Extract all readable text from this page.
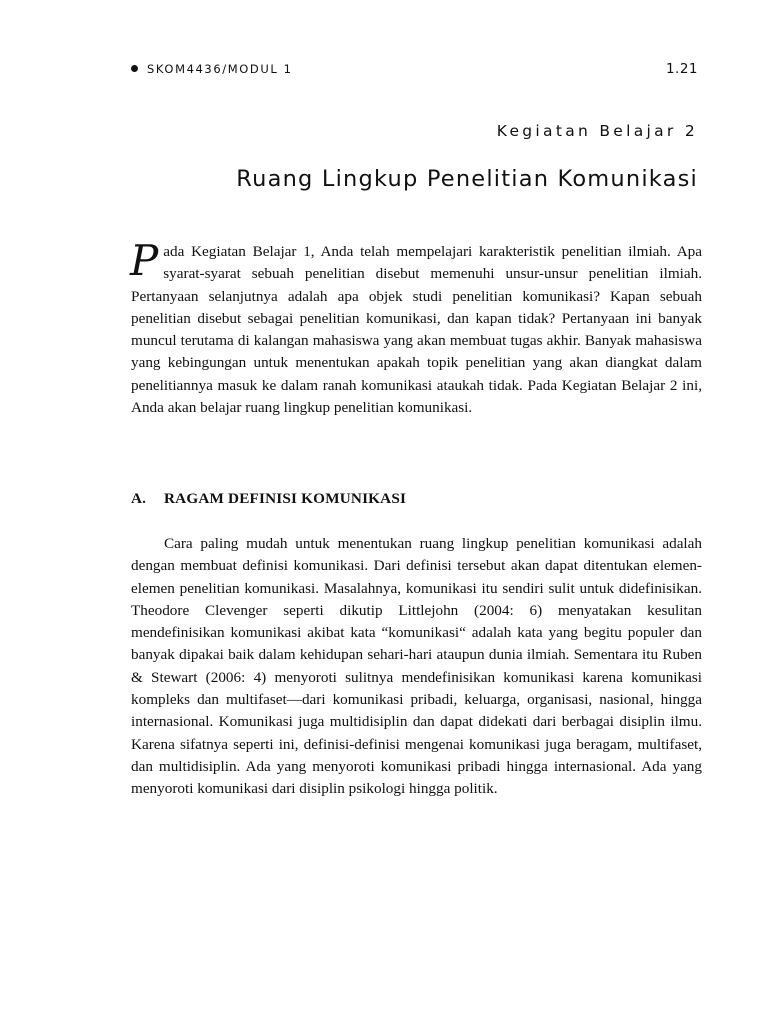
SKOM4436/MODUL 1	1.21
Kegiatan Belajar 2
Ruang Lingkup Penelitian Komunikasi
Pada Kegiatan Belajar 1, Anda telah mempelajari karakteristik penelitian ilmiah. Apa syarat-syarat sebuah penelitian disebut memenuhi unsur-unsur penelitian ilmiah. Pertanyaan selanjutnya adalah apa objek studi penelitian komunikasi? Kapan sebuah penelitian disebut sebagai penelitian komunikasi, dan kapan tidak? Pertanyaan ini banyak muncul terutama di kalangan mahasiswa yang akan membuat tugas akhir. Banyak mahasiswa yang kebingungan untuk menentukan apakah topik penelitian yang akan diangkat dalam penelitiannya masuk ke dalam ranah komunikasi ataukah tidak. Pada Kegiatan Belajar 2 ini, Anda akan belajar ruang lingkup penelitian komunikasi.
A. RAGAM DEFINISI KOMUNIKASI
Cara paling mudah untuk menentukan ruang lingkup penelitian komunikasi adalah dengan membuat definisi komunikasi. Dari definisi tersebut akan dapat ditentukan elemen-elemen penelitian komunikasi. Masalahnya, komunikasi itu sendiri sulit untuk didefinisikan. Theodore Clevenger seperti dikutip Littlejohn (2004: 6) menyatakan kesulitan mendefinisikan komunikasi akibat kata “komunikasi“ adalah kata yang begitu populer dan banyak dipakai baik dalam kehidupan sehari-hari ataupun dunia ilmiah. Sementara itu Ruben & Stewart (2006: 4) menyoroti sulitnya mendefinisikan komunikasi karena komunikasi kompleks dan multifaset—dari komunikasi pribadi, keluarga, organisasi, nasional, hingga internasional. Komunikasi juga multidisiplin dan dapat didekati dari berbagai disiplin ilmu. Karena sifatnya seperti ini, definisi-definisi mengenai komunikasi juga beragam, multifaset, dan multidisiplin. Ada yang menyoroti komunikasi pribadi hingga internasional. Ada yang menyoroti komunikasi dari disiplin psikologi hingga politik.
